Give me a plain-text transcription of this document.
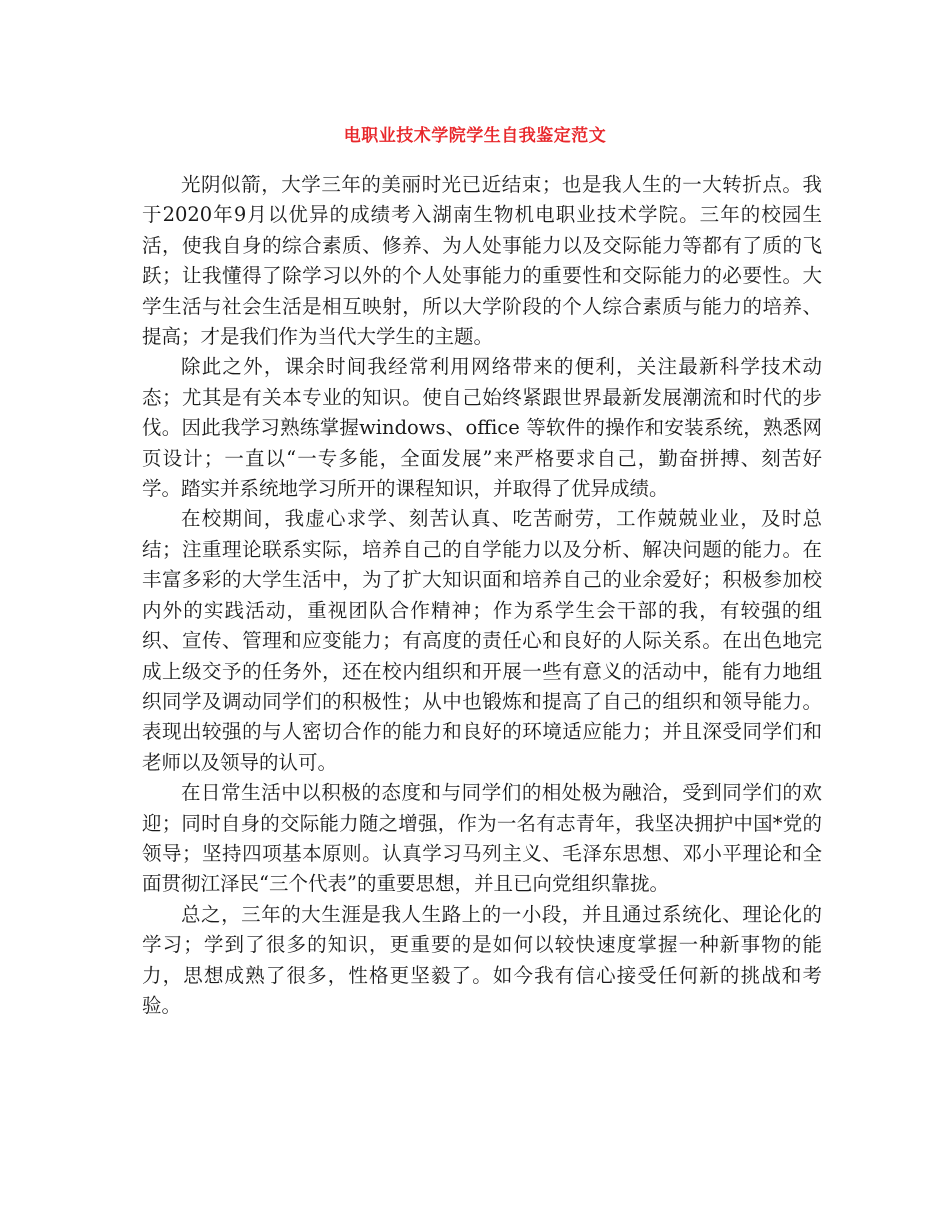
电职业技术学院学生自我鉴定范文

光阴似箭，大学三年的美丽时光已近结束；也是我人生的一大转折点。我于2020年9月以优异的成绩考入湖南生物机电职业技术学院。三年的校园生活，使我自身的综合素质、修养、为人处事能力以及交际能力等都有了质的飞跃；让我懂得了除学习以外的个人处事能力的重要性和交际能力的必要性。大学生活与社会生活是相互映射，所以大学阶段的个人综合素质与能力的培养、提高；才是我们作为当代大学生的主题。

除此之外，课余时间我经常利用网络带来的便利，关注最新科学技术动态；尤其是有关本专业的知识。使自己始终紧跟世界最新发展潮流和时代的步伐。因此我学习熟练掌握windows、office 等软件的操作和安装系统，熟悉网页设计；一直以“一专多能，全面发展”来严格要求自己，勤奋拼搏、刻苦好学。踏实并系统地学习所开的课程知识，并取得了优异成绩。

在校期间，我虚心求学、刻苦认真、吃苦耐劳，工作兢兢业业，及时总结；注重理论联系实际，培养自己的自学能力以及分析、解决问题的能力。在丰富多彩的大学生活中，为了扩大知识面和培养自己的业余爱好；积极参加校内外的实践活动，重视团队合作精神；作为系学生会干部的我，有较强的组织、宣传、管理和应变能力；有高度的责任心和良好的人际关系。在出色地完成上级交予的任务外，还在校内组织和开展一些有意义的活动中，能有力地组织同学及调动同学们的积极性；从中也锻炼和提高了自己的组织和领导能力。表现出较强的与人密切合作的能力和良好的环境适应能力；并且深受同学们和老师以及领导的认可。

在日常生活中以积极的态度和与同学们的相处极为融洽，受到同学们的欢迎；同时自身的交际能力随之增强，作为一名有志青年，我坚决拥护中国*党的领导；坚持四项基本原则。认真学习马列主义、毛泽东思想、邓小平理论和全面贯彻江泽民“三个代表”的重要思想，并且已向党组织靠拢。

总之，三年的大生涯是我人生路上的一小段，并且通过系统化、理论化的学习；学到了很多的知识，更重要的是如何以较快速度掌握一种新事物的能力，思想成熟了很多，性格更坚毅了。如今我有信心接受任何新的挑战和考验。
